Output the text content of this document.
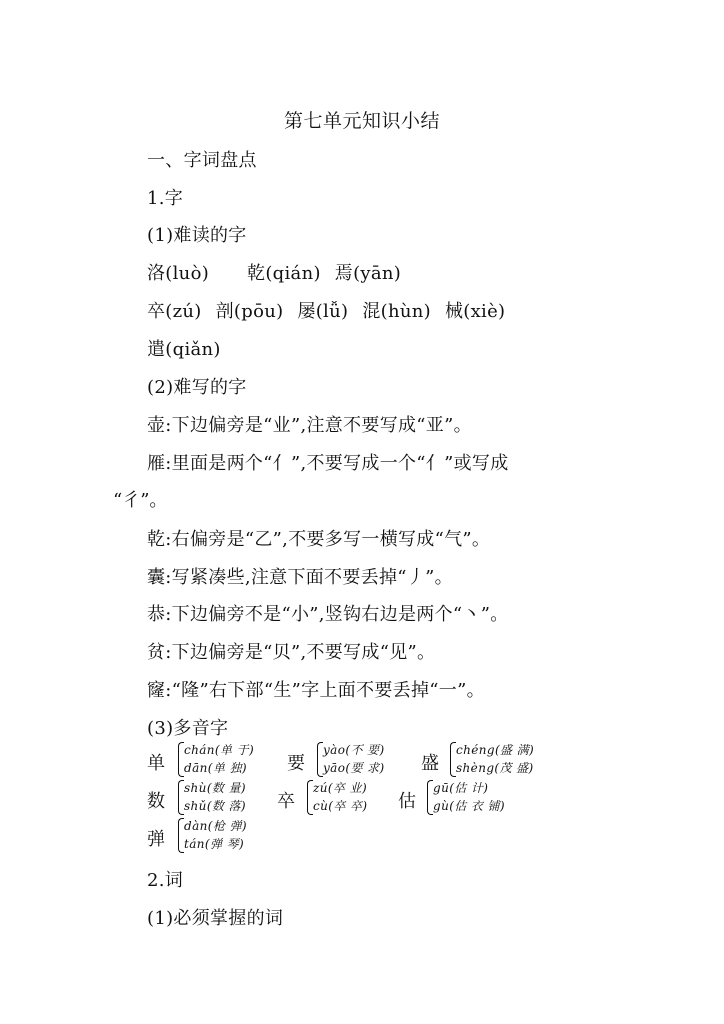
第七单元知识小结
一、字词盘点
1.字
(1)难读的字
洛(luò) 乾(qián) 焉(yān)
卒(zú) 剖(pōu) 屡(lǚ) 混(hùn) 械(xiè)
遣(qiǎn)
(2)难写的字
壶:下边偏旁是“业”,注意不要写成“亚”。
雁:里面是两个“亻”,不要写成一个“亻”或写成
“彳”。
乾:右偏旁是“乙”,不要多写一横写成“气”。
囊:写紧凑些,注意下面不要丢掉“丿”。
恭:下边偏旁不是“小”,竖钩右边是两个“丶”。
贫:下边偏旁是“贝”,不要写成“见”。
窿:“隆”右下部“生”字上面不要丢掉“一”。
(3)多音字
单
chán(单 于)
dān(单 独) 要
yào(不 要)
yāo(要 求) 盛
chéng(盛 满)
shèng(茂 盛)
数
shù(数 量)
shǔ(数 落) 卒
zú(卒 业)
cù(卒 卒) 估
gū(估 计)
gù(估 衣 铺)
弹
dàn(枪 弹)
tán(弹 琴)
2.词
(1)必须掌握的词
